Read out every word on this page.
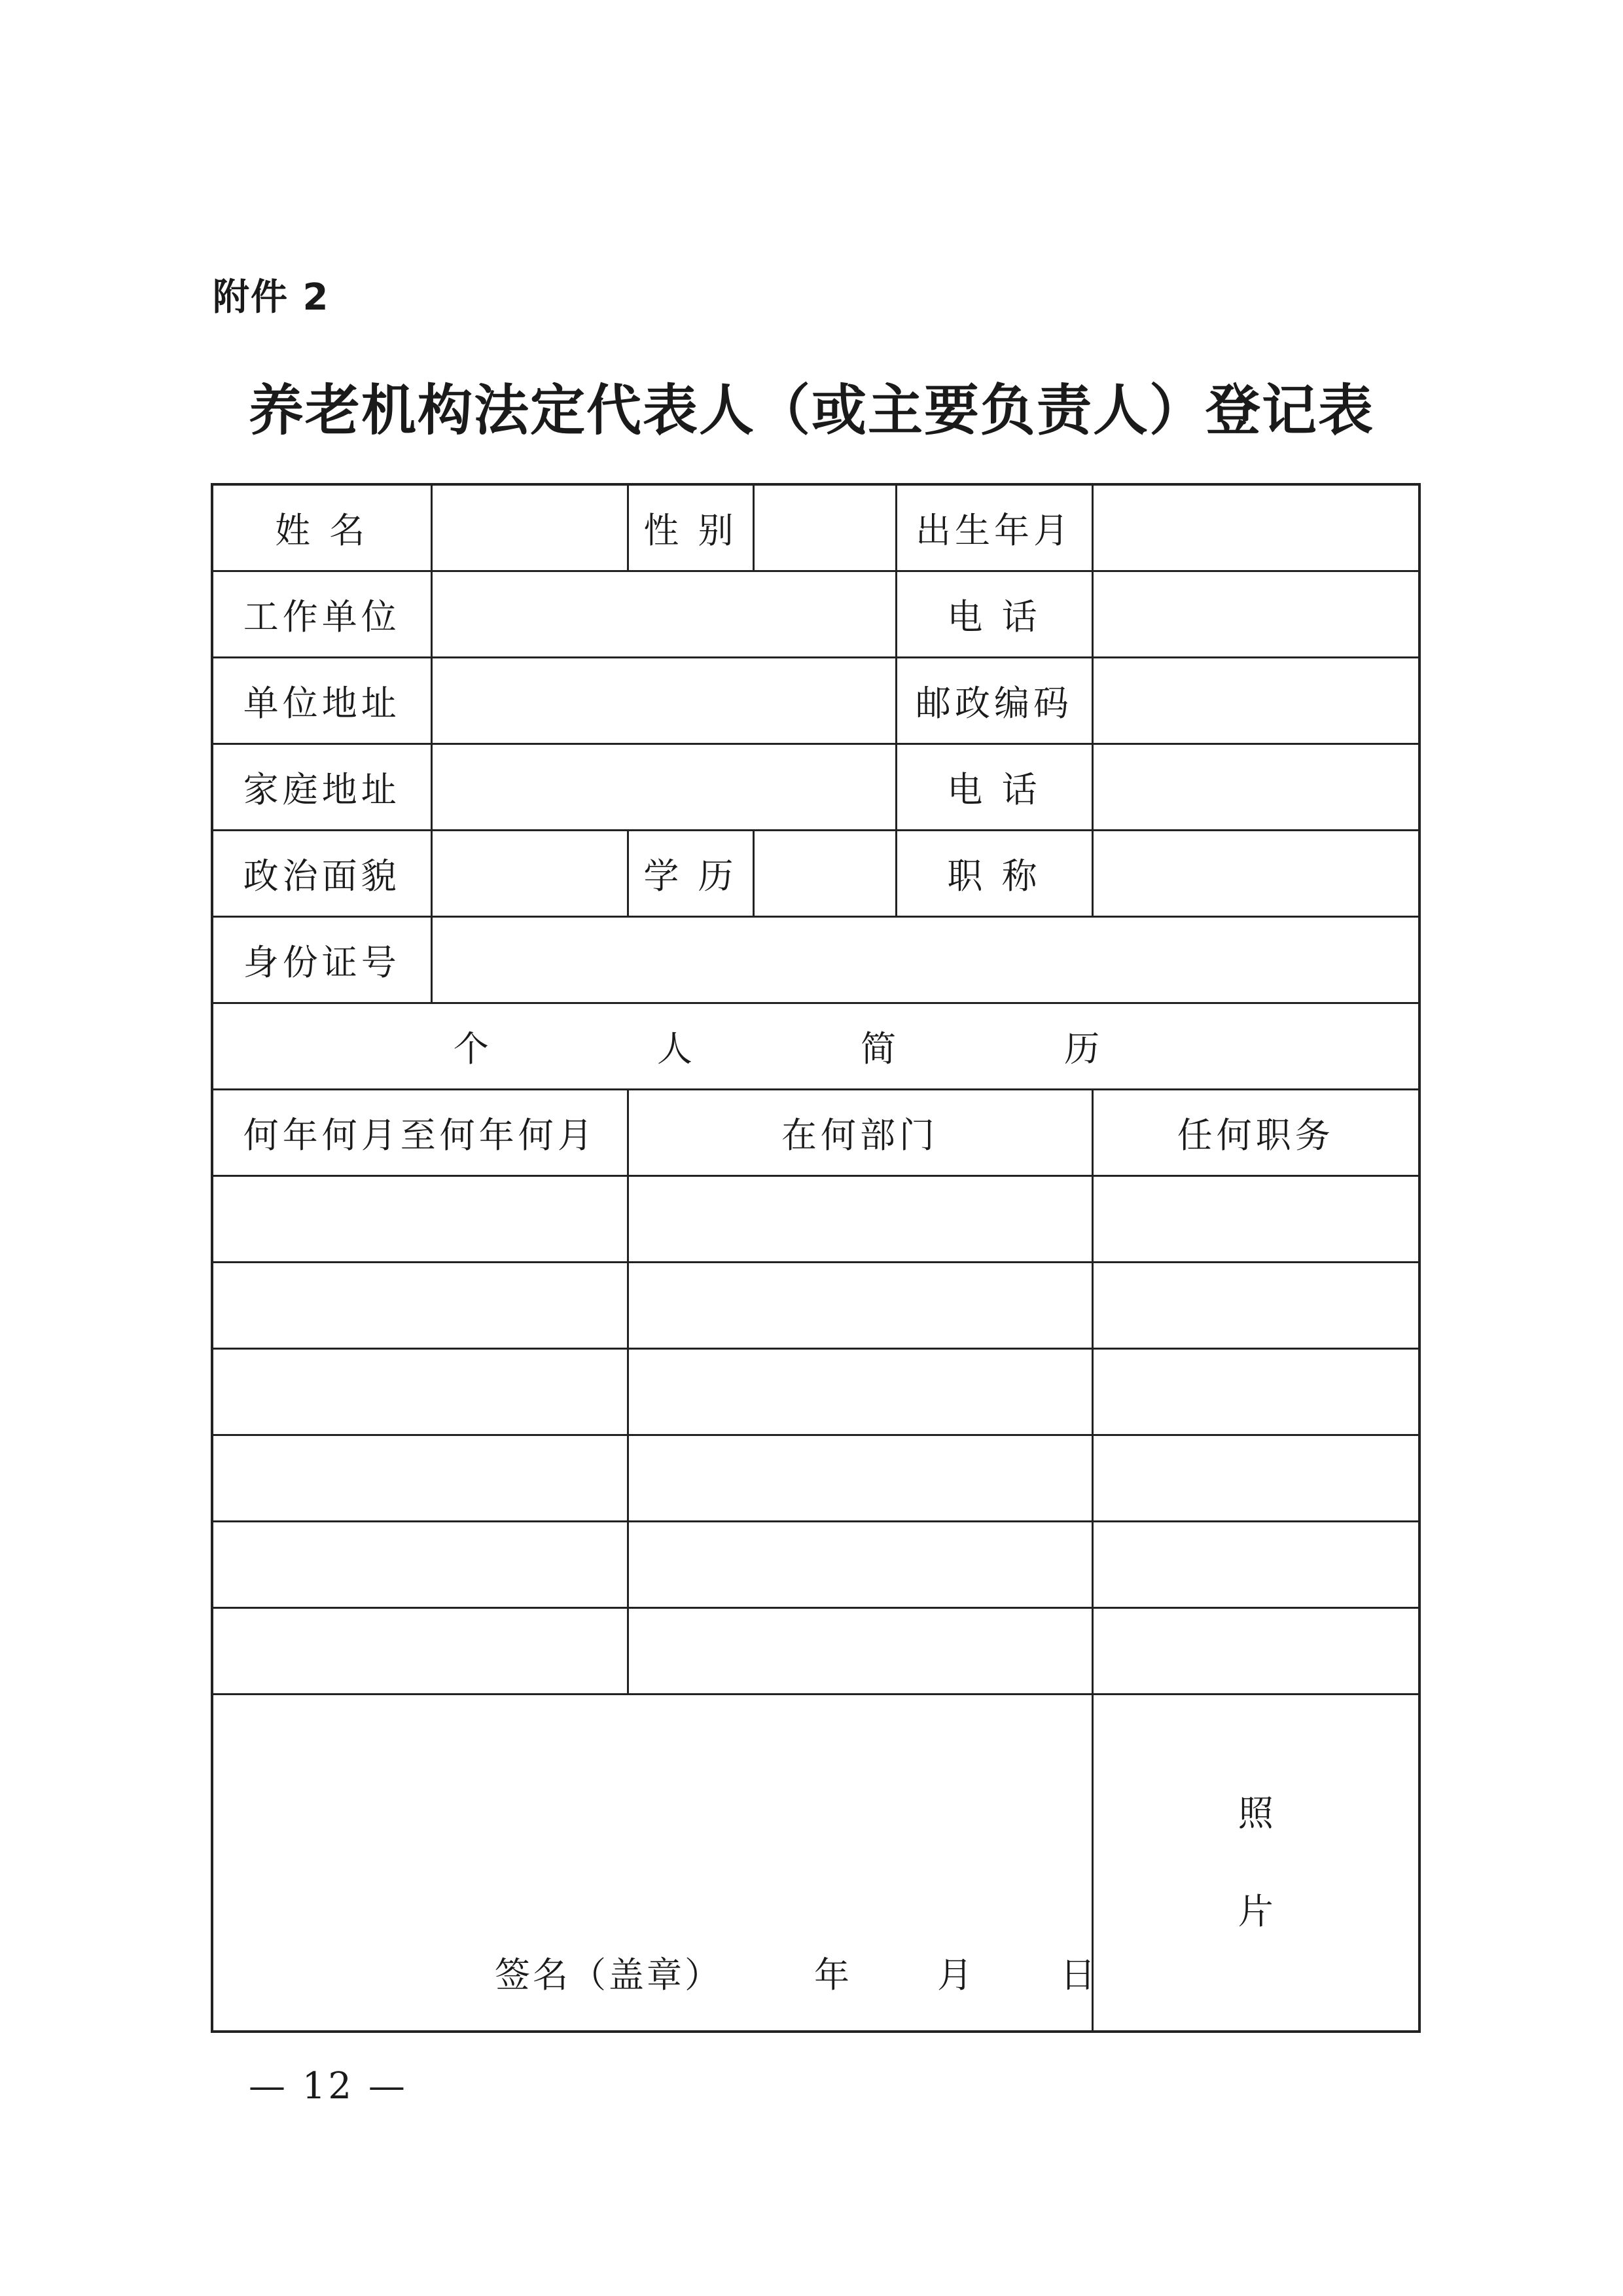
附件 2
养老机构法定代表人（或主要负责人）登记表
姓 名		性 别		出生年月	
工作单位				电 话	
单位地址				邮政编码	
家庭地址				电 话	
政治面貌		学 历		职 称	
身份证号					
个 人 简 历					
何年何月至何年何月		在何部门			任何职务

签名（盖章） 年 月 日					照
片
— 12 —
